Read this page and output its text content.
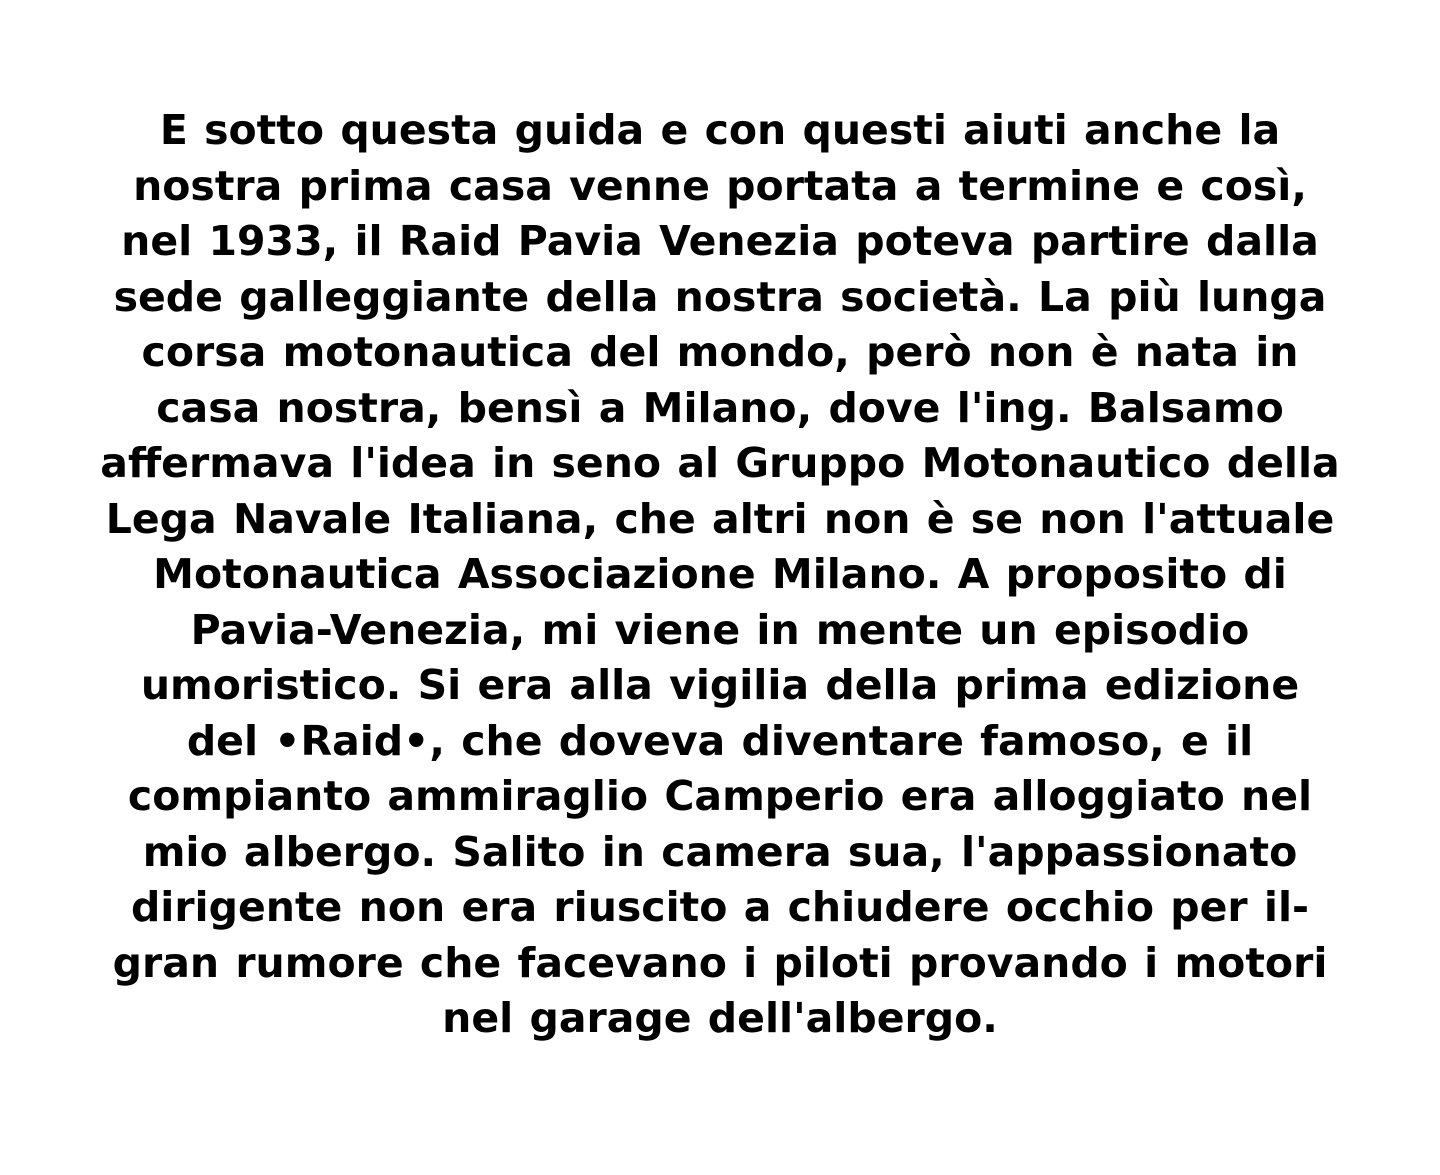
E sotto questa guida e con questi aiuti anche la
nostra prima casa venne portata a termine e così,
nel 1933, il Raid Pavia Venezia poteva partire dalla
sede galleggiante della nostra società. La più lunga
corsa motonautica del mondo, però non è nata in
casa nostra, bensì a Milano, dove l'ing. Balsamo
affermava l'idea in seno al Gruppo Motonautico della
Lega Navale Italiana, che altri non è se non l'attuale
Motonautica Associazione Milano. A proposito di
Pavia-Venezia, mi viene in mente un episodio
umoristico. Si era alla vigilia della prima edizione
del •Raid•, che doveva diventare famoso, e il
compianto ammiraglio Camperio era alloggiato nel
mio albergo. Salito in camera sua, l'appassionato
dirigente non era riuscito a chiudere occhio per il-
gran rumore che facevano i piloti provando i motori
nel garage dell'albergo.
